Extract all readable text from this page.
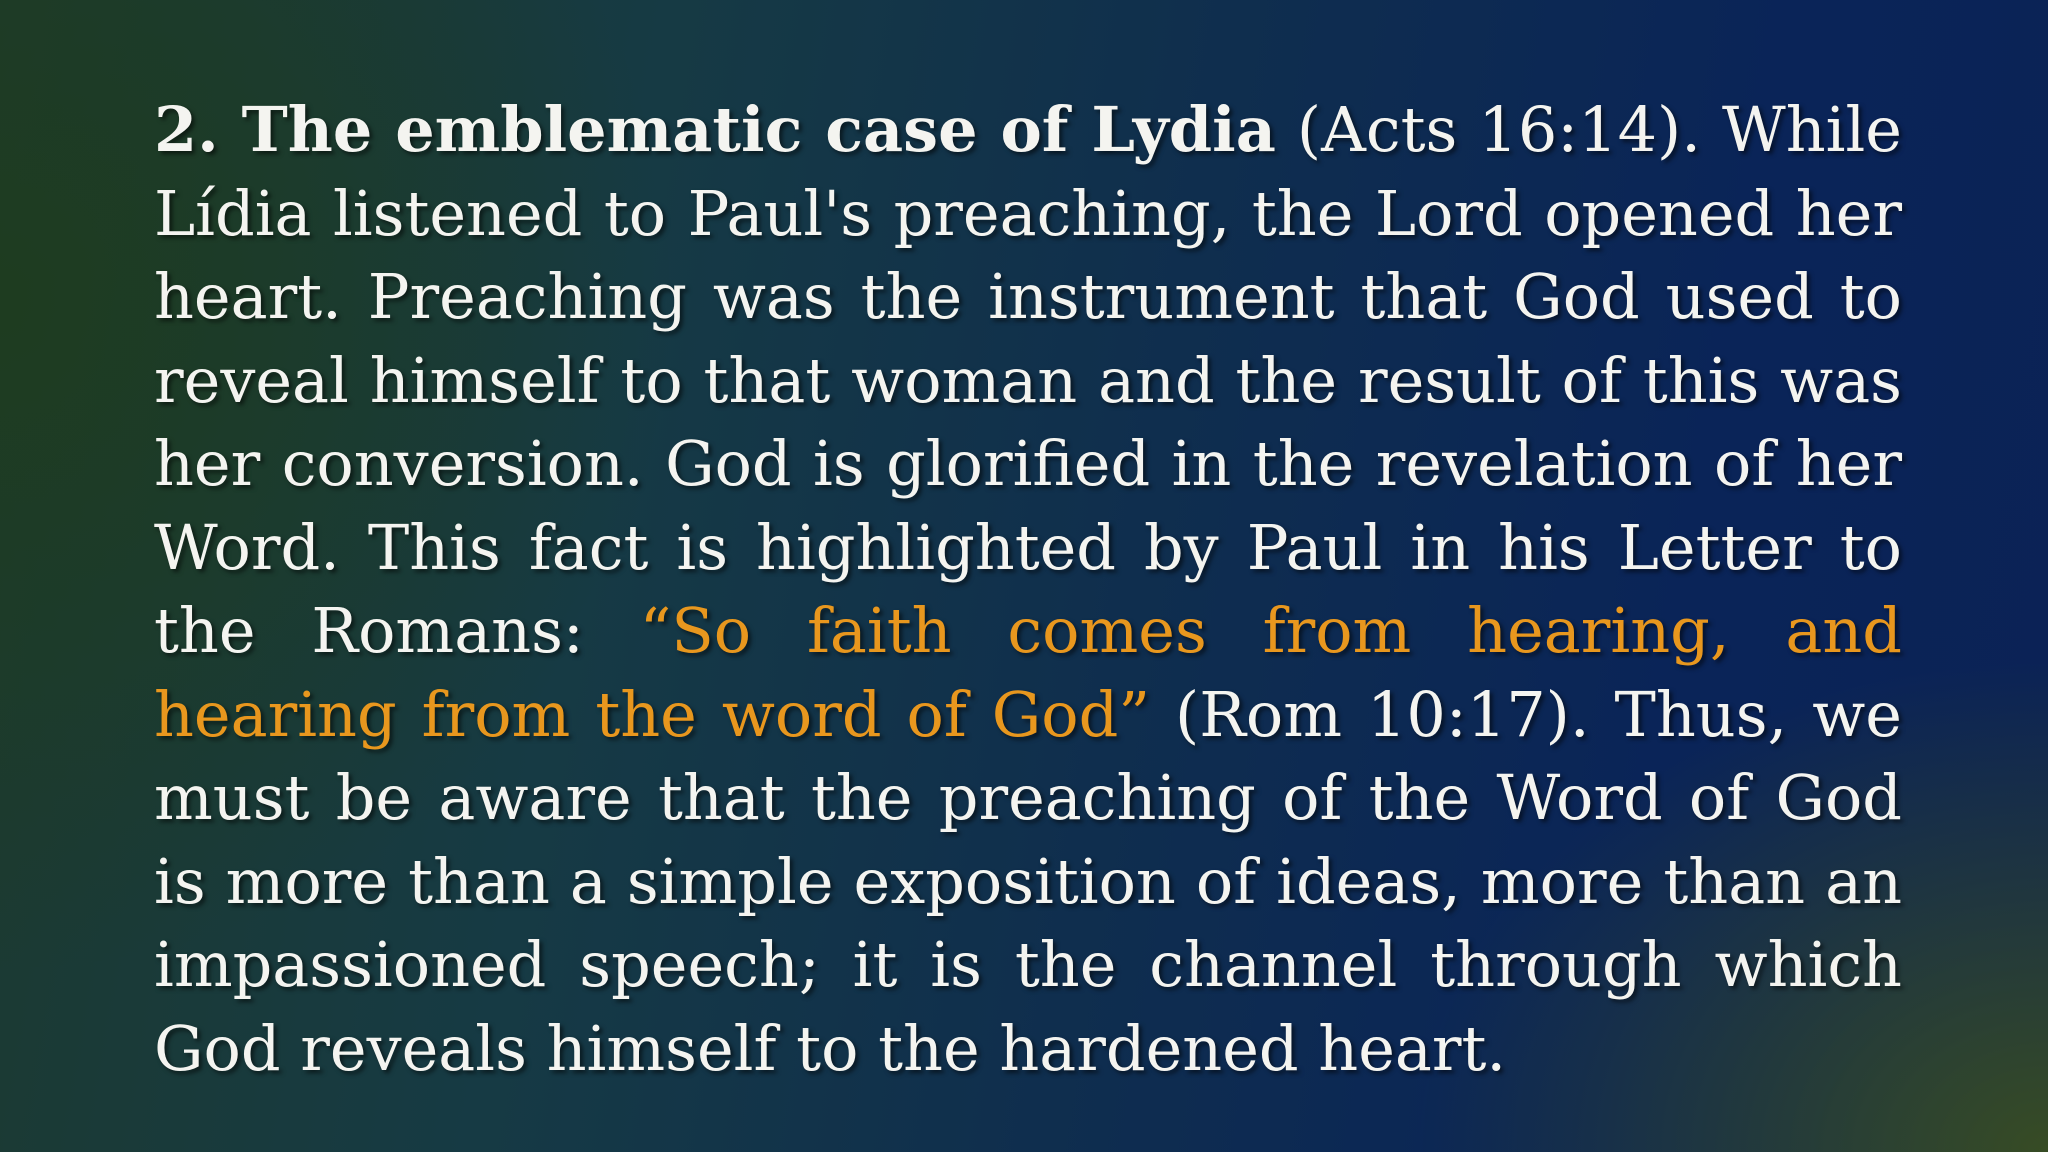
2. The emblematic case of Lydia (Acts 16:14). While Lídia listened to Paul's preaching, the Lord opened her heart. Preaching was the instrument that God used to reveal himself to that woman and the result of this was her conversion. God is glorified in the revelation of her Word. This fact is highlighted by Paul in his Letter to the Romans: “So faith comes from hearing, and hearing from the word of God” (Rom 10:17). Thus, we must be aware that the preaching of the Word of God is more than a simple exposition of ideas, more than an impassioned speech; it is the channel through which God reveals himself to the hardened heart.
